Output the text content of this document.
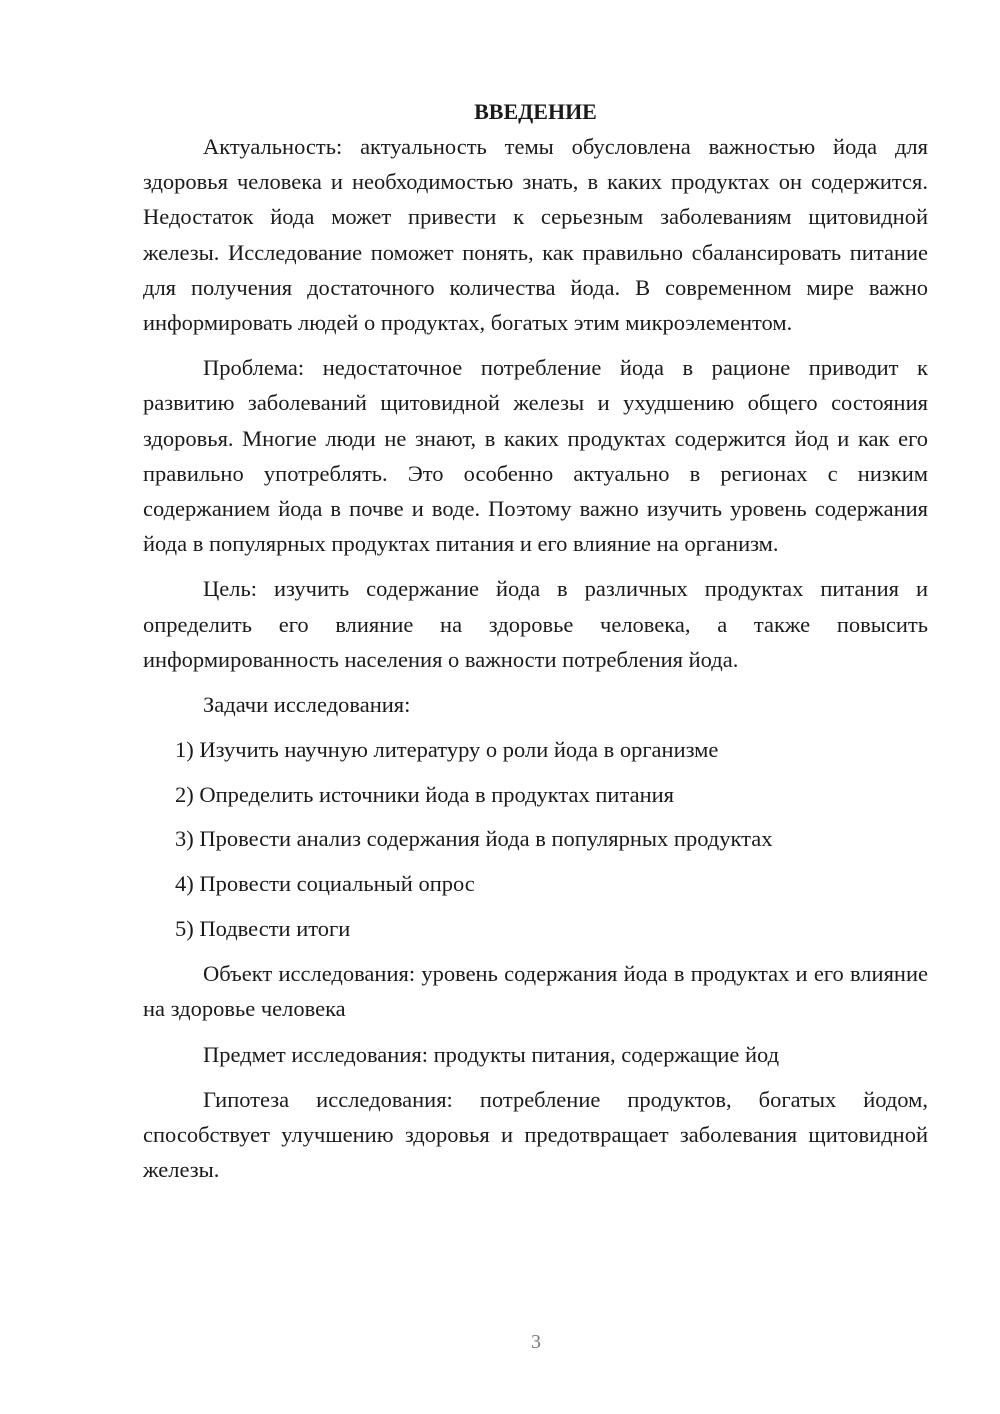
ВВЕДЕНИЕ

Актуальность: актуальность темы обусловлена важностью йода для здоровья человека и необходимостью знать, в каких продуктах он содержится. Недостаток йода может привести к серьезным заболеваниям щитовидной железы. Исследование поможет понять, как правильно сбалансировать питание для получения достаточного количества йода. В современном мире важно информировать людей о продуктах, богатых этим микроэлементом.

Проблема: недостаточное потребление йода в рационе приводит к развитию заболеваний щитовидной железы и ухудшению общего состояния здоровья. Многие люди не знают, в каких продуктах содержится йод и как его правильно употреблять. Это особенно актуально в регионах с низким содержанием йода в почве и воде. Поэтому важно изучить уровень содержания йода в популярных продуктах питания и его влияние на организм.

Цель: изучить содержание йода в различных продуктах питания и определить его влияние на здоровье человека, а также повысить информированность населения о важности потребления йода.

Задачи исследования:

1) Изучить научную литературу о роли йода в организме
2) Определить источники йода в продуктах питания
3) Провести анализ содержания йода в популярных продуктах
4) Провести социальный опрос
5) Подвести итоги

Объект исследования: уровень содержания йода в продуктах и его влияние на здоровье человека

Предмет исследования: продукты питания, содержащие йод

Гипотеза исследования: потребление продуктов, богатых йодом, способствует улучшению здоровья и предотвращает заболевания щитовидной железы.

3
